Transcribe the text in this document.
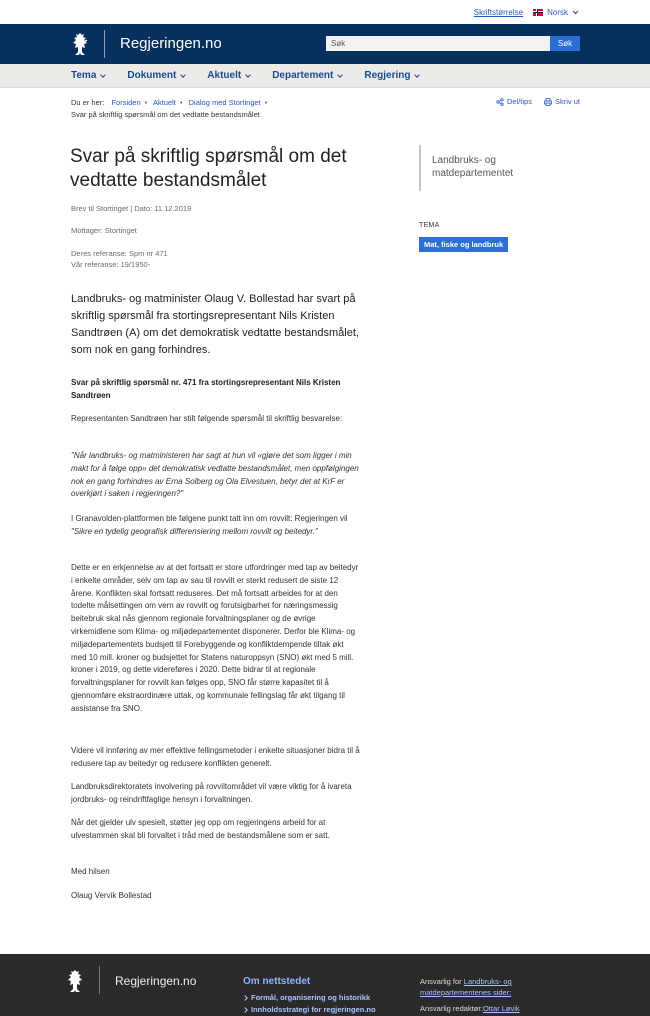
Skriftstørrelse	Norsk
Regjeringen.no	Søk	Søk
Tema	Dokument	Aktuelt	Departement	Regjering
Du er her: Forsiden • Aktuelt • Dialog med Stortinget •
Svar på skriftlig spørsmål om det vedtatte bestandsmålet
Del/tips	Skriv ut
Svar på skriftlig spørsmål om det vedtatte bestandsmålet
Brev til Stortinget | Dato: 11.12.2019
Mottager: Stortinget
Deres referanse: Spm nr 471
Vår referanse: 19/1950-

Landbruks- og matminister Olaug V. Bollestad har svart på skriftlig spørsmål fra stortingsrepresentant Nils Kristen Sandtrøen (A) om det demokratisk vedtatte bestandsmålet, som nok en gang forhindres.

Svar på skriftlig spørsmål nr. 471 fra stortingsrepresentant Nils Kristen Sandtrøen

Representanten Sandtrøen har stilt følgende spørsmål til skriftlig besvarelse:

"Når landbruks- og matministeren har sagt at hun vil «gjøre det som ligger i min makt for å følge opp» det demokratisk vedtatte bestandsmålet, men oppfølgingen nok en gang forhindres av Erna Solberg og Ola Elvestuen, betyr det at KrF er overkjørt i saken i regjeringen?"

I Granavolden-plattformen ble følgene punkt tatt inn om rovvilt: Regjeringen vil "Sikre en tydelig geografisk differensiering mellom rovvilt og beitedyr."

Dette er en erkjennelse av at det fortsatt er store utfordringer med tap av beitedyr i enkelte områder, selv om tap av sau til rovvilt er sterkt redusert de siste 12 årene. Konflikten skal fortsatt reduseres. Det må fortsatt arbeides for at den todelte målsettingen om vern av rovvilt og forutsigbarhet for næringsmessig beitebruk skal nås gjennom regionale forvaltningsplaner og de øvrige virkemidlene som Klima- og miljødepartementet disponerer. Derfor ble Klima- og miljødepartementets budsjett til Forebyggende og konfliktdempende tiltak økt med 10 mill. kroner og budsjettet for Statens naturoppsyn (SNO) økt med 5 mill. kroner i 2019, og dette videreføres i 2020. Dette bidrar til at regionale forvaltningsplaner for rovvilt kan følges opp, SNO får større kapasitet til å gjennomføre ekstraordinære uttak, og kommunale fellingslag får økt tilgang til assistanse fra SNO.

Videre vil innføring av mer effektive fellingsmetoder i enkelte situasjoner bidra til å redusere tap av beitedyr og redusere konflikten generelt.

Landbruksdirektoratets involvering på rovviltområdet vil være viktig for å ivareta jordbruks- og reindriftfaglige hensyn i forvaltningen.

Når det gjelder ulv spesielt, støtter jeg opp om regjeringens arbeid for at ulvestammen skal bli forvaltet i tråd med de bestandsmålene som er satt.

Med hilsen

Olaug Vervik Bollestad

Landbruks- og matdepartementet
TEMA
Mat, fiske og landbruk
Regjeringen.no	Om nettstedet
Formål, organisering og historikk
Innholdsstrategi for regjeringen.no
Ansvarlig for Landbruks- og matdepartementenes sider:
Ansvarlig redaktør:Ottar Løvik
